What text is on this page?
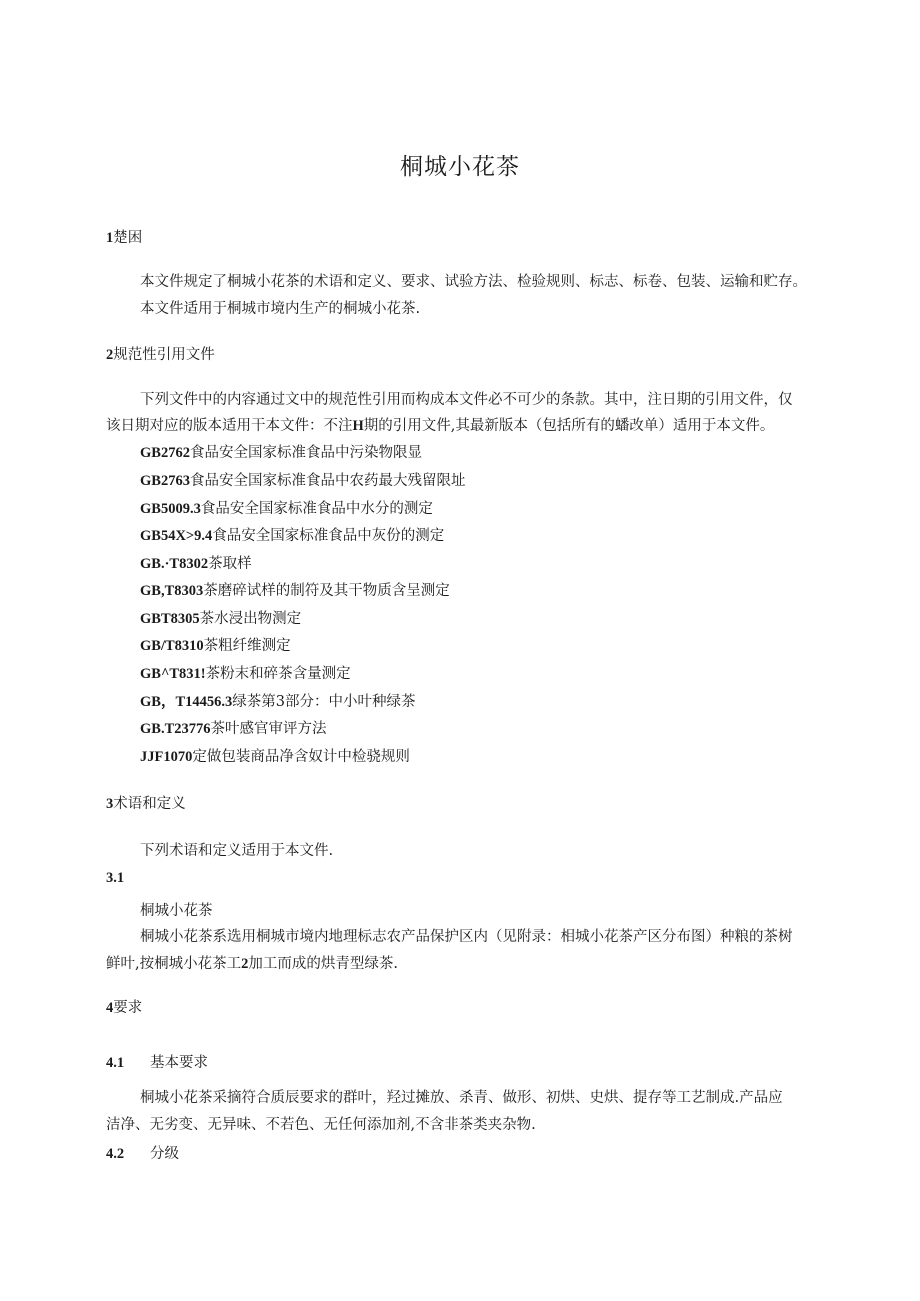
桐城小花茶
1楚困
本文件规定了桐城小花茶的术语和定义、要求、试验方法、检验规则、标志、标卷、包装、运输和贮存。
本文件适用于桐城市境内生产的桐城小花茶.
2规范性引用文件
下列文件中的内容通过文中的规范性引用而构成本文件必不可少的条款。其中，注日期的引用文件，仅
该日期对应的版本适用干本文件：不注H期的引用文件,其最新版本（包括所有的蟠改单）适用于本文件。
GB2762食品安全国家标准食品中污染物限显
GB2763食品安全国家标准食品中农药最大残留限址
GB5009.3食品安全国家标准食品中水分的测定
GB54X>9.4食品安全国家标准食品中灰份的测定
GB.·T8302茶取样
GB,T8303茶磨碎试样的制符及其干物质含呈测定
GBT8305茶水浸出物测定
GB/T8310茶粗纤维测定
GB^T831!茶粉末和碎茶含量测定
GB，T14456.3绿茶第3部分：中小叶种绿茶
GB.T23776茶叶感官审评方法
JJF1070定做包装商品净含奴计中检骁规则
3术语和定义
下列术语和定义适用于本文件.
3.1
桐城小花茶
桐城小花茶系选用桐城市境内地理标志农产品保护区内（见附录：相城小花茶产区分布图）种粮的茶树
鲜叶,按桐城小花茶工2加工而成的烘青型绿茶.
4要求
4.1 基本要求
桐城小花茶采摘符合质辰要求的群叶，羟过摊放、杀青、做形、初烘、史烘、提存等工艺制成.产品应
洁净、无劣变、无异味、不若色、无任何添加剂,不含非茶类夹杂物.
4.2 分级
